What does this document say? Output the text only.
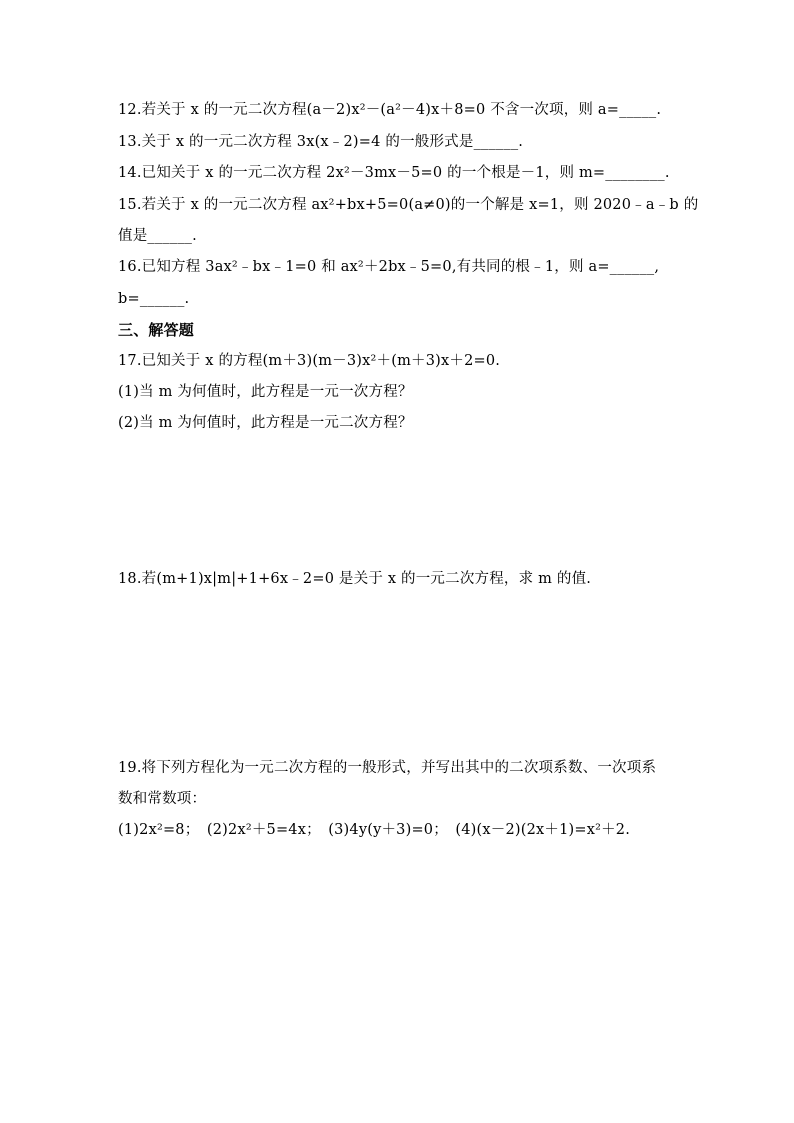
12.若关于 x 的一元二次方程(a－2)x²－(a²－4)x＋8=0 不含一次项，则 a=_____.
13.关于 x 的一元二次方程 3x(x﹣2)=4 的一般形式是______.
14.已知关于 x 的一元二次方程 2x²－3mx－5=0 的一个根是－1，则 m=________.
15.若关于 x 的一元二次方程 ax²+bx+5=0(a≠0)的一个解是 x=1，则 2020﹣a﹣b 的
值是______.
16.已知方程 3ax²﹣bx﹣1=0 和 ax²＋2bx﹣5=0,有共同的根﹣1，则 a=______,
b=______.
三、解答题
17.已知关于 x 的方程(m＋3)(m－3)x²＋(m＋3)x＋2=0.
(1)当 m 为何值时，此方程是一元一次方程？
(2)当 m 为何值时，此方程是一元二次方程？
18.若(m+1)x|m|+1+6x﹣2=0 是关于 x 的一元二次方程，求 m 的值.
19.将下列方程化为一元二次方程的一般形式，并写出其中的二次项系数、一次项系
数和常数项：
(1)2x²=8；　(2)2x²＋5=4x；　(3)4y(y＋3)=0；　(4)(x－2)(2x＋1)=x²＋2.
